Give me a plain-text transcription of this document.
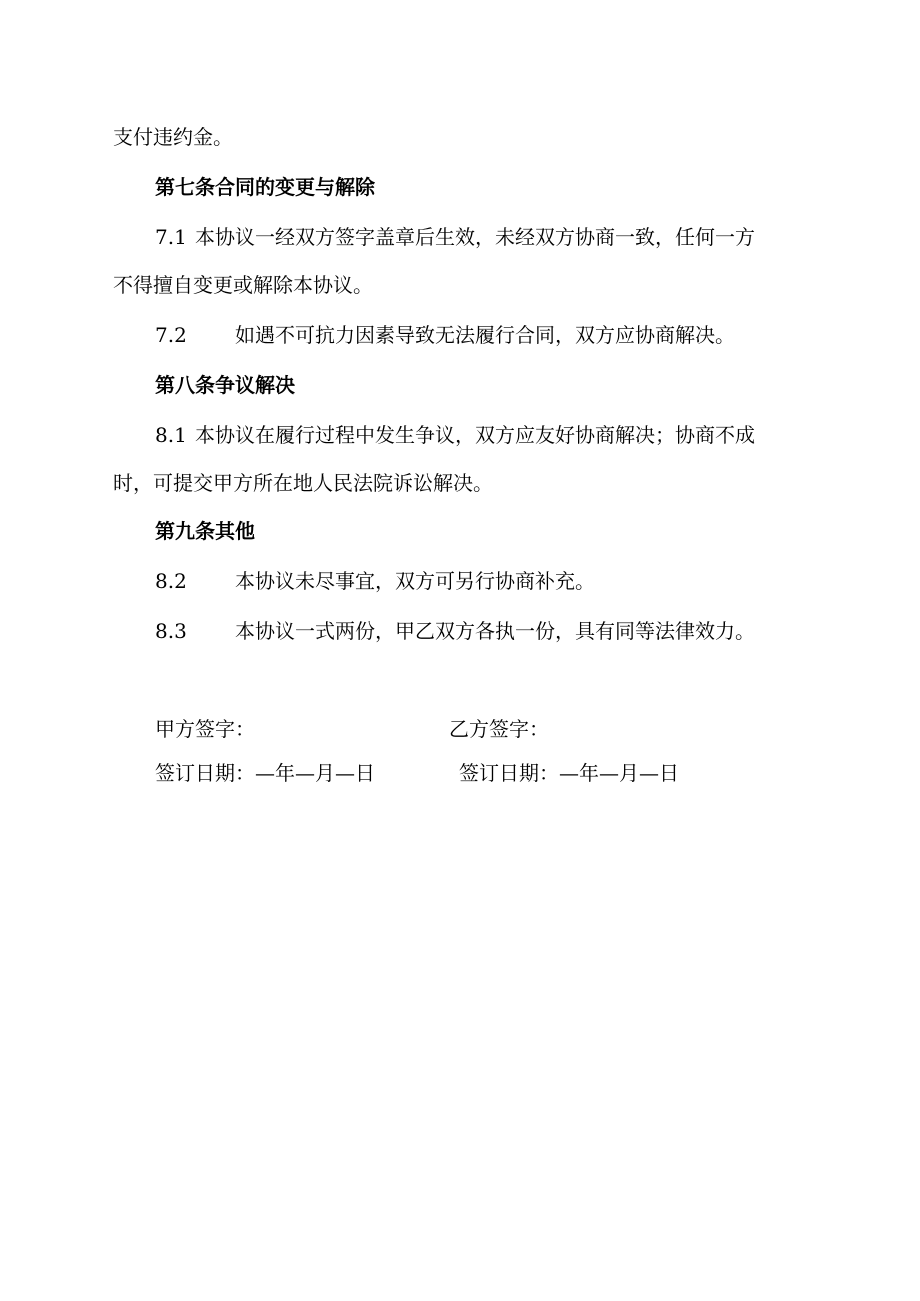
支付违约金。
第七条合同的变更与解除
7.1 本协议一经双方签字盖章后生效，未经双方协商一致，任何一方
不得擅自变更或解除本协议。
7.2 如遇不可抗力因素导致无法履行合同，双方应协商解决。
第八条争议解决
8.1 本协议在履行过程中发生争议，双方应友好协商解决；协商不成
时，可提交甲方所在地人民法院诉讼解决。
第九条其他
8.2 本协议未尽事宜，双方可另行协商补充。
8.3 本协议一式两份，甲乙双方各执一份，具有同等法律效力。
甲方签字：	乙方签字：
签订日期：—年—月—日	签订日期：—年—月—日
